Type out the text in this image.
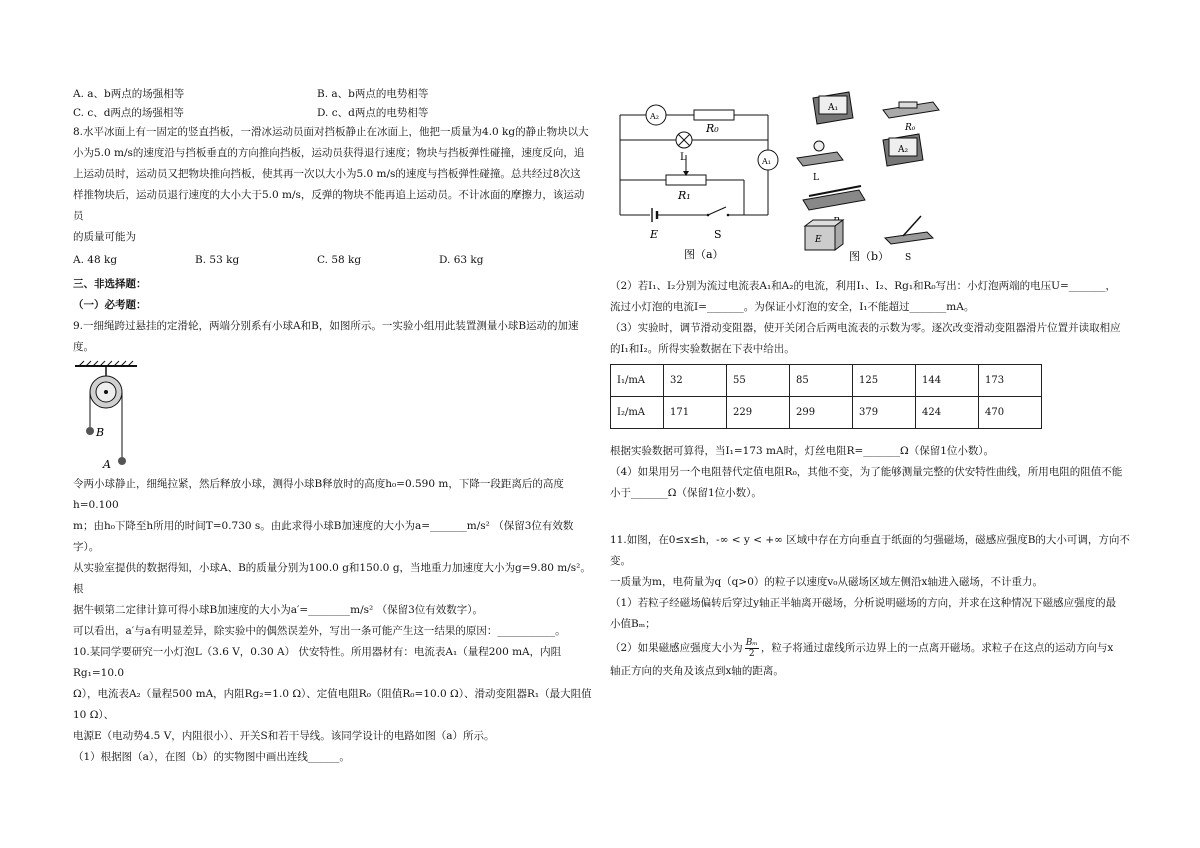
A. a、b两点的场强相等	B. a、b两点的电势相等
C. c、d两点的场强相等	D. c、d两点的电势相等

8.水平冰面上有一固定的竖直挡板，一滑冰运动员面对挡板静止在冰面上，他把一质量为4.0 kg的静止物块以大

小为5.0 m/s的速度沿与挡板垂直的方向推向挡板，运动员获得退行速度；物块与挡板弹性碰撞，速度反向，追

上运动员时，运动员又把物块推向挡板，使其再一次以大小为5.0 m/s的速度与挡板弹性碰撞。总共经过8次这

样推物块后，运动员退行速度的大小大于5.0 m/s，反弹的物块不能再追上运动员。不计冰面的摩擦力，该运动员

的质量可能为

A. 48 kg	B. 53 kg	C. 58 kg	D. 63 kg

三、非选择题：

（一）必考题：

9.一细绳跨过悬挂的定滑轮，两端分别系有小球A和B，如图所示。一实验小组用此装置测量小球B运动的加速

度。

B
A

令两小球静止，细绳拉紧，然后释放小球，测得小球B释放时的高度h₀=0.590 m，下降一段距离后的高度h=0.100

m；由h₀下降至h所用的时间T=0.730 s。由此求得小球B加速度的大小为a=_______m/s² （保留3位有效数字）。

从实验室提供的数据得知，小球A、B的质量分别为100.0 g和150.0 g，当地重力加速度大小为g=9.80 m/s²。根

据牛顿第二定律计算可得小球B加速度的大小为a′=________m/s² （保留3位有效数字）。

可以看出，a′与a有明显差异，除实验中的偶然误差外，写出一条可能产生这一结果的原因：___________。

10.某同学要研究一小灯泡L（3.6 V，0.30 A） 伏安特性。所用器材有：电流表A₁（量程200 mA，内阻Rg₁=10.0

Ω），电流表A₂（量程500 mA，内阻Rg₂=1.0 Ω）、定值电阻R₀（阻值R₀=10.0 Ω）、滑动变阻器R₁（最大阻值10 Ω）、

电源E（电动势4.5 V，内阻很小）、开关S和若干导线。该同学设计的电路如图（a）所示。

（1）根据图（a），在图（b）的实物图中画出连线______。

A₂
R₀
L	A₁
R₁
E	S
图（a）
A₁
R₀
L
A₂
E
S
图（b）

（2）若I₁、I₂分别为流过电流表A₁和A₂的电流，利用I₁、I₂、Rg₁和R₀写出：小灯泡两端的电压U=_______，

流过小灯泡的电流I=_______。为保证小灯泡的安全，I₁不能超过_______mA。

（3）实验时，调节滑动变阻器，使开关闭合后两电流表的示数为零。逐次改变滑动变阻器滑片位置并读取相应

的I₁和I₂。所得实验数据在下表中给出。

I₁/mA	32	55	85	125	144	173
I₂/mA	171	229	299	379	424	470

根据实验数据可算得，当I₁=173 mA时，灯丝电阻R=_______Ω（保留1位小数）。

（4）如果用另一个电阻替代定值电阻R₀，其他不变，为了能够测量完整的伏安特性曲线，所用电阻的阻值不能

小于_______Ω（保留1位小数）。

11.如图，在0≤x≤h，-∞ < y < +∞ 区域中存在方向垂直于纸面的匀强磁场，磁感应强度B的大小可调，方向不变。

一质量为m，电荷量为q（q>0）的粒子以速度v₀从磁场区域左侧沿x轴进入磁场，不计重力。

（1）若粒子经磁场偏转后穿过y轴正半轴离开磁场，分析说明磁场的方向，并求在这种情况下磁感应强度的最

小值Bₘ；

（2）如果磁感应强度大小为 $\frac{\text{Bₘ}}{2}$ ，粒子将通过虚线所示边界上的一点离开磁场。求粒子在这点的运动方向与x

轴正方向的夹角及该点到x轴的距离。
